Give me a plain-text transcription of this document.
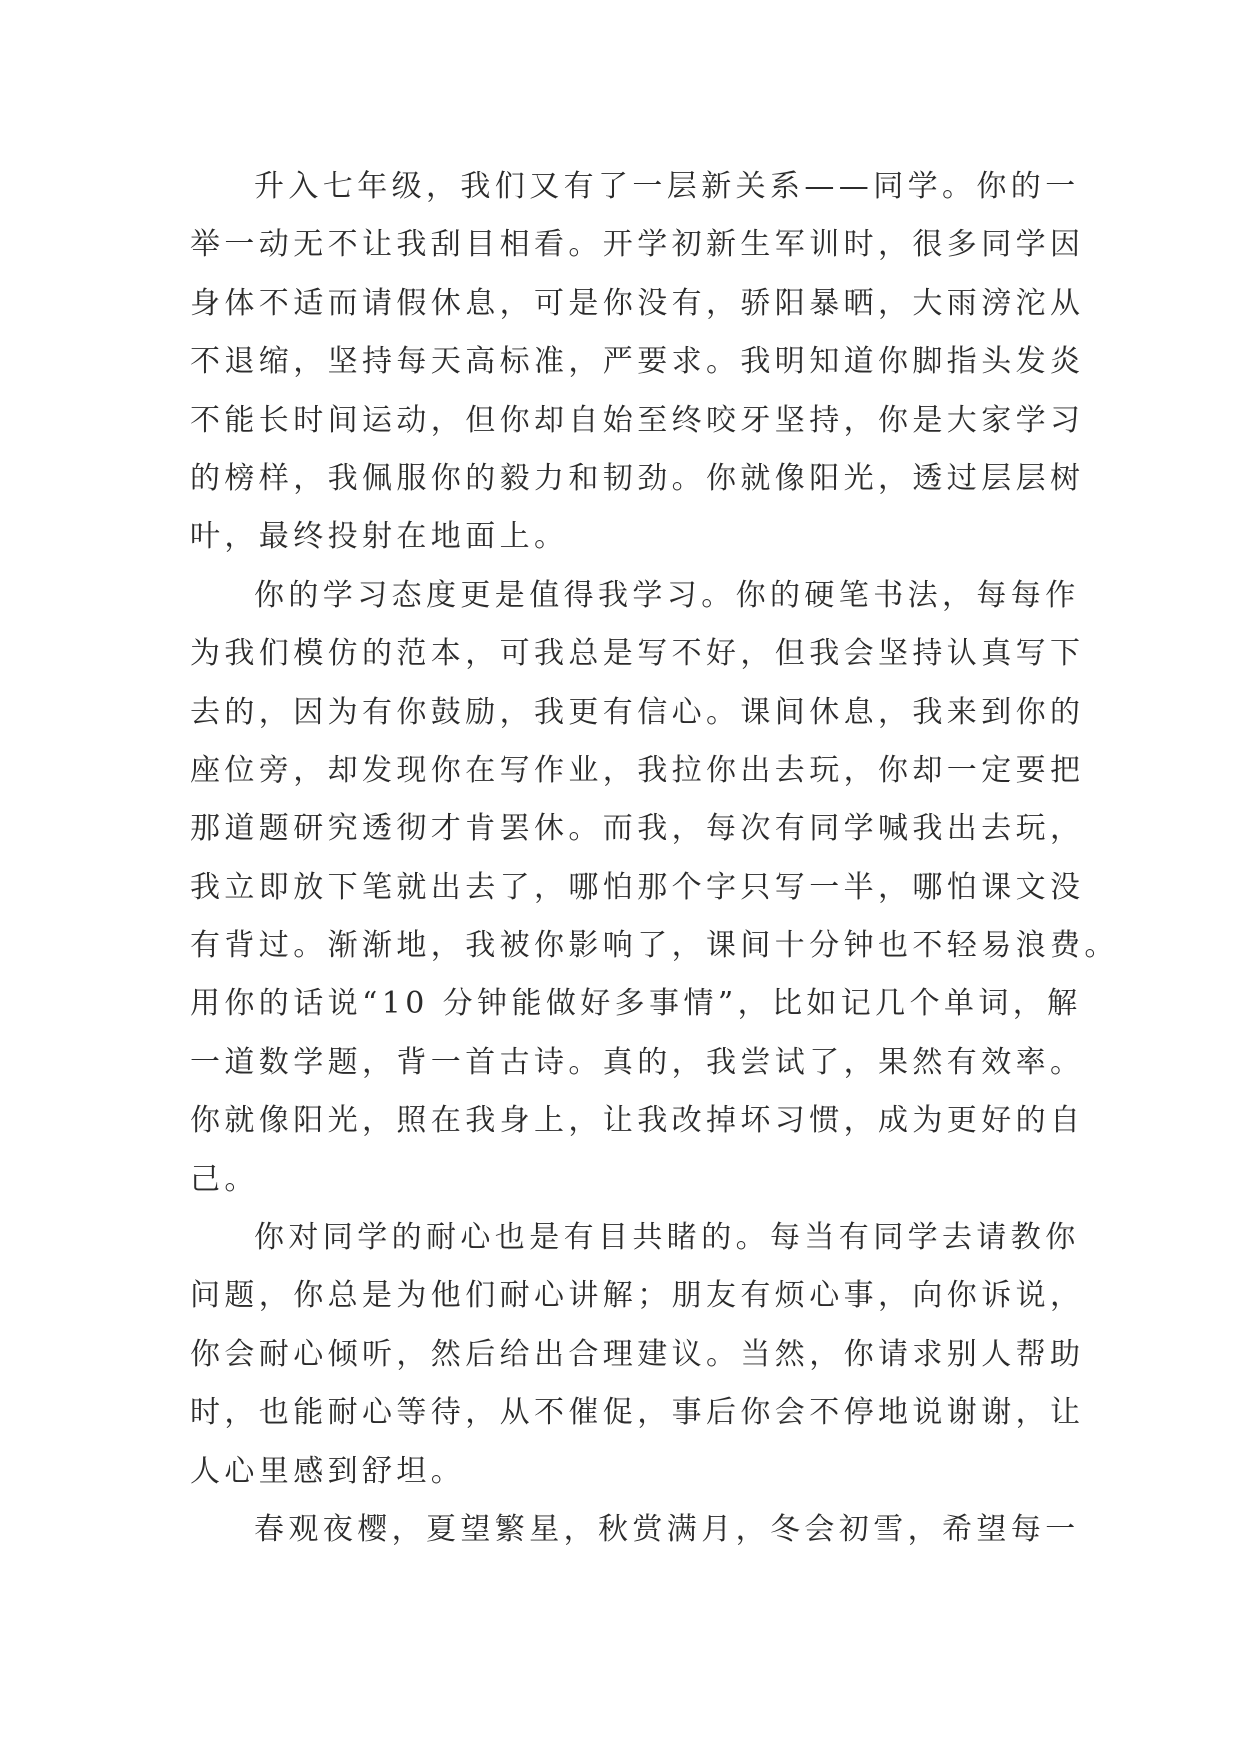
升入七年级，我们又有了一层新关系——同学。你的一
举一动无不让我刮目相看。开学初新生军训时，很多同学因
身体不适而请假休息，可是你没有，骄阳暴晒，大雨滂沱从
不退缩，坚持每天高标准，严要求。我明知道你脚指头发炎
不能长时间运动，但你却自始至终咬牙坚持，你是大家学习
的榜样，我佩服你的毅力和韧劲。你就像阳光，透过层层树
叶，最终投射在地面上。
你的学习态度更是值得我学习。你的硬笔书法，每每作
为我们模仿的范本，可我总是写不好，但我会坚持认真写下
去的，因为有你鼓励，我更有信心。课间休息，我来到你的
座位旁，却发现你在写作业，我拉你出去玩，你却一定要把
那道题研究透彻才肯罢休。而我，每次有同学喊我出去玩，
我立即放下笔就出去了，哪怕那个字只写一半，哪怕课文没
有背过。渐渐地，我被你影响了，课间十分钟也不轻易浪费。
用你的话说“10 分钟能做好多事情”，比如记几个单词，解
一道数学题，背一首古诗。真的，我尝试了，果然有效率。
你就像阳光，照在我身上，让我改掉坏习惯，成为更好的自
己。
你对同学的耐心也是有目共睹的。每当有同学去请教你
问题，你总是为他们耐心讲解；朋友有烦心事，向你诉说，
你会耐心倾听，然后给出合理建议。当然，你请求别人帮助
时，也能耐心等待，从不催促，事后你会不停地说谢谢，让
人心里感到舒坦。
春观夜樱，夏望繁星，秋赏满月，冬会初雪，希望每一
